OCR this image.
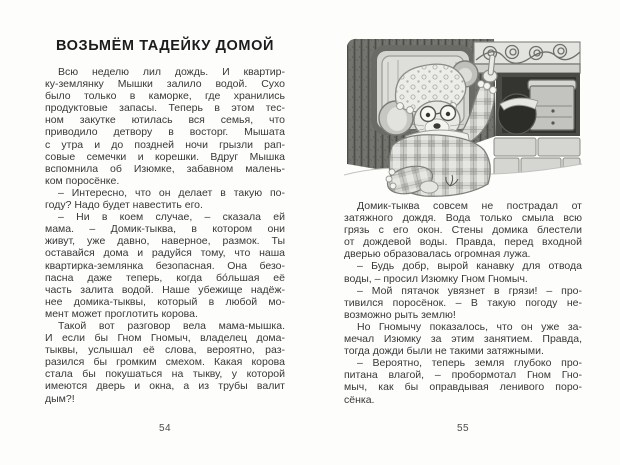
ВОЗЬМЁМ ТАДЕЙКУ ДОМОЙ
Всю неделю лил дождь. И квартир-
ку-землянку Мышки залило водой. Сухо
было только в каморке, где хранились
продуктовые запасы. Теперь в этом тес-
ном закутке ютилась вся семья, что
приводило детвору в восторг. Мышата
с утра и до поздней ночи грызли рап-
совые семечки и корешки. Вдруг Мышка
вспомнила об Изюмке, забавном малень-
ком поросёнке.
– Интересно, что он делает в такую по-
году? Надо будет навестить его.
– Ни в коем случае, – сказала ей
мама. – Домик-тыква, в котором они
живут, уже давно, наверное, размок. Ты
оставайся дома и радуйся тому, что наша
квартирка-землянка безопасная. Она безо-
пасна даже теперь, когда бо́льшая её
часть залита водой. Наше убежище надёж-
нее домика-тыквы, который в любой мо-
мент может проглотить корова.
Такой вот разговор вела мама-мышка.
И если бы Гном Гномыч, владелец дома-
тыквы, услышал её слова, вероятно, раз-
разился бы громким смехом. Какая корова
стала бы покушаться на тыкву, у которой
имеются дверь и окна, а из трубы валит
дым?!
54
Домик-тыква совсем не пострадал от
затяжного дождя. Вода только смыла всю
грязь с его окон. Стены домика блестели
от дождевой воды. Правда, перед входной
дверью образовалась огромная лужа.
– Будь добр, вырой канавку для отвода
воды, – просил Изюмку Гном Гномыч.
– Мой пятачок увязнет в грязи! – про-
тивился поросёнок. – В такую погоду не-
возможно рыть землю!
Но Гномычу показалось, что он уже за-
мечал Изюмку за этим занятием. Правда,
тогда дожди были не такими затяжными.
– Вероятно, теперь земля глубоко про-
питана влагой, – пробормотал Гном Гно-
мыч, как бы оправдывая ленивого поро-
сёнка.
55
